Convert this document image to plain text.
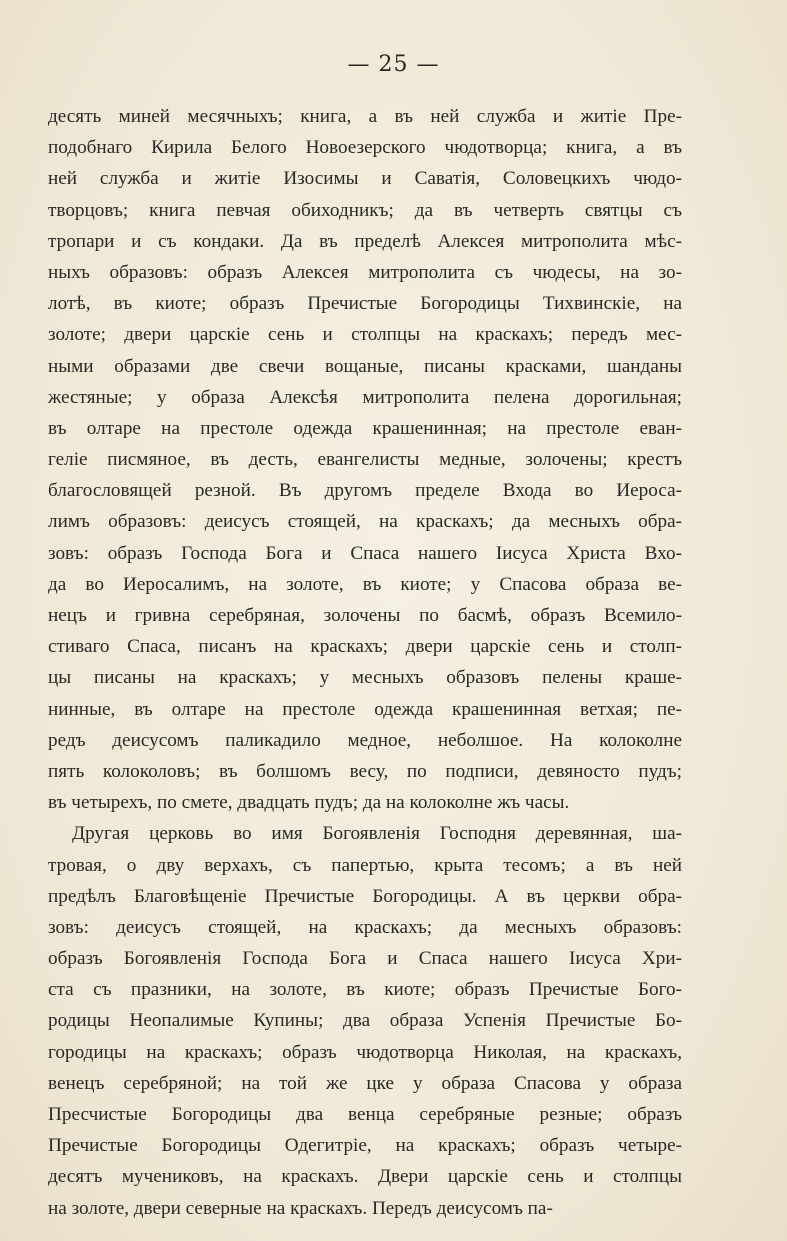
— 25 —
десять миней месячныхъ; книга, а въ ней служба и житіе Пре-
подобнаго Кирила Белого Новоезерского чюдотворца; книга, а въ
ней служба и житіе Изосимы и Саватія, Соловецкихъ чюдо-
творцовъ; книга певчая обиходникъ; да въ четверть святцы съ
тропари и съ кондаки. Да въ пределѣ Алексея митрополита мѣс-
ныхъ образовъ: образъ Алексея митрополита съ чюдесы, на зо-
лотѣ, въ киоте; образъ Пречистые Богородицы Тихвинскіе, на
золоте; двери царскіе сень и столпцы на краскахъ; передъ мес-
ными образами две свечи вощаные, писаны красками, шанданы
жестяные; у образа Алексѣя митрополита пелена дорогильная;
въ олтаре на престоле одежда крашенинная; на престоле еван-
геліе писмяное, въ десть, евангелисты медные, золочены; крестъ
благословящей резной. Въ другомъ пределе Входа во Иероса-
лимъ образовъ: деисусъ стоящей, на краскахъ; да месныхъ обра-
зовъ: образъ Господа Бога и Спаса нашего Іисуса Христа Вхо-
да во Иеросалимъ, на золоте, въ киоте; у Спасова образа ве-
нецъ и гривна серебряная, золочены по басмѣ, образъ Всемило-
стиваго Спаса, писанъ на краскахъ; двери царскіе сень и столп-
цы писаны на краскахъ; у месныхъ образовъ пелены краше-
нинные, въ олтаре на престоле одежда крашенинная ветхая; пе-
редъ деисусомъ паликадило медное, неболшое. На колоколне
пять колоколовъ; въ болшомъ весу, по подписи, девяносто пудъ;
въ четырехъ, по смете, двадцать пудъ; да на колоколне жъ часы.
Другая церковь во имя Богоявленія Господня деревянная, ша-
тровая, о дву верхахъ, съ папертью, крыта тесомъ; а въ ней
предѣлъ Благовѣщеніе Пречистые Богородицы. А въ церкви обра-
зовъ: деисусъ стоящей, на краскахъ; да месныхъ образовъ:
образъ Богоявленія Господа Бога и Спаса нашего Іисуса Хри-
ста съ празники, на золоте, въ киоте; образъ Пречистые Бого-
родицы Неопалимые Купины; два образа Успенія Пречистые Бо-
городицы на краскахъ; образъ чюдотворца Николая, на краскахъ,
венецъ серебряной; на той же цке у образа Спасова у образа
Пресчистые Богородицы два венца серебряные резные; образъ
Пречистые Богородицы Одегитріе, на краскахъ; образъ четыре-
десятъ мучениковъ, на краскахъ. Двери царскіе сень и столпцы
на золоте, двери северные на краскахъ. Передъ деисусомъ па-
